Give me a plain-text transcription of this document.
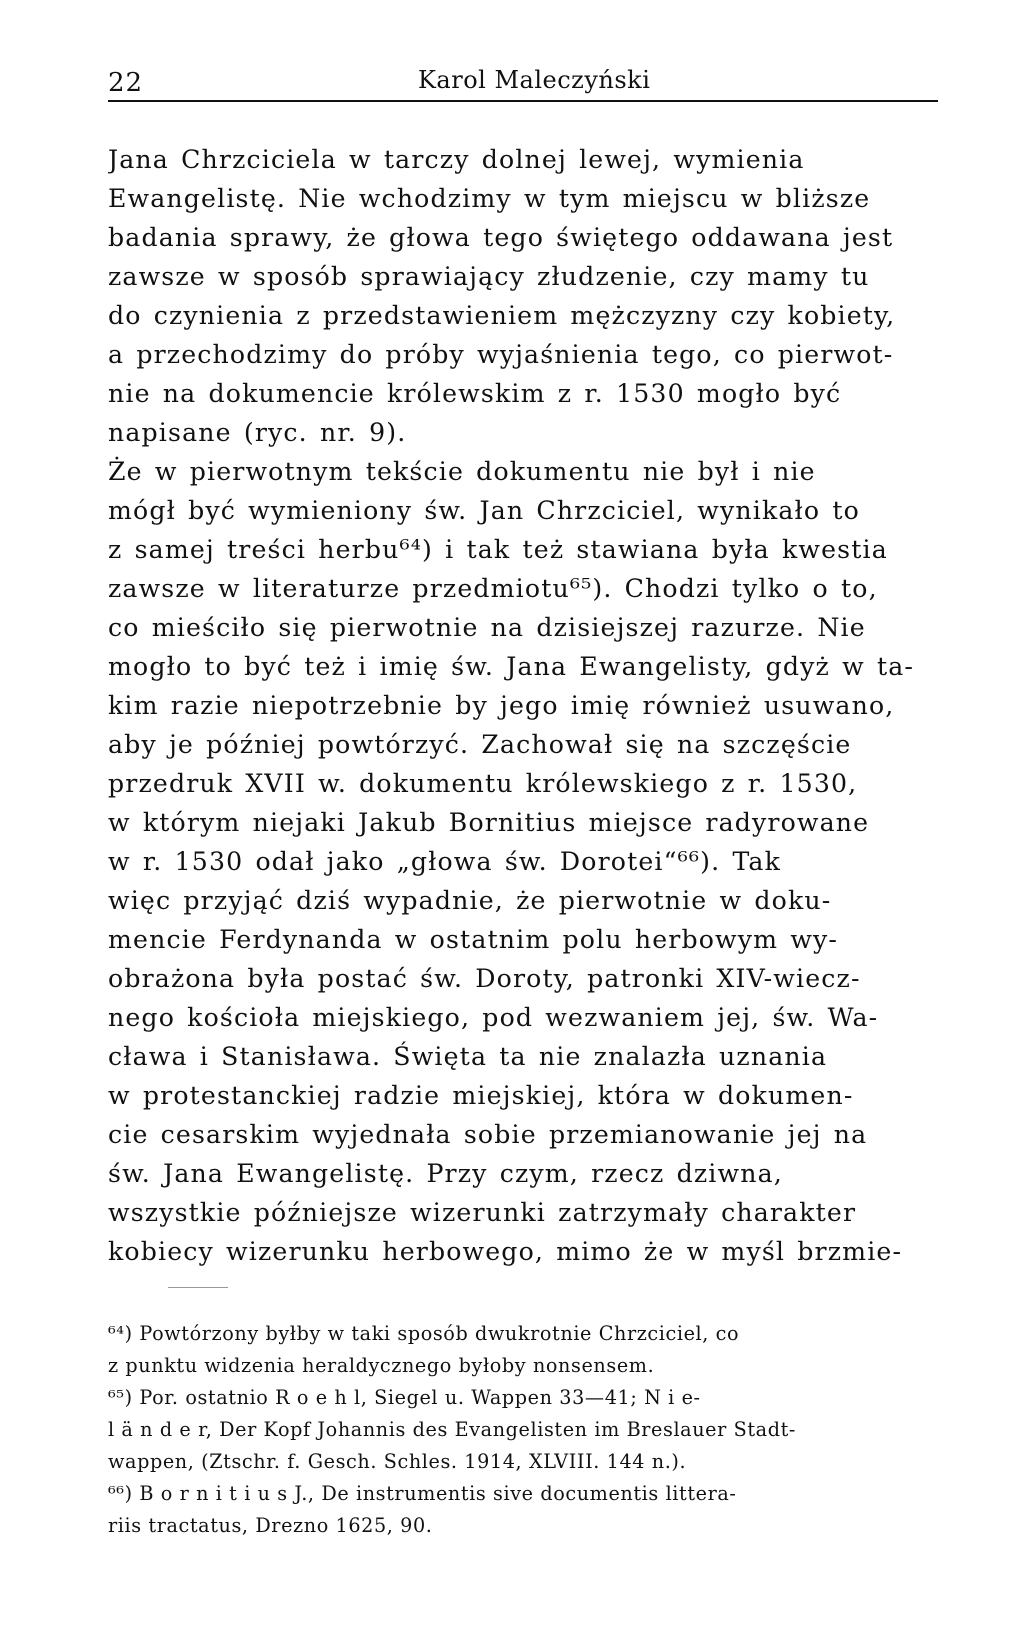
22	Karol Maleczyński
Jana Chrzciciela w tarczy dolnej lewej, wymienia
Ewangelistę. Nie wchodzimy w tym miejscu w bliższe
badania sprawy, że głowa tego świętego oddawana jest
zawsze w sposób sprawiający złudzenie, czy mamy tu
do czynienia z przedstawieniem mężczyzny czy kobiety,
a przechodzimy do próby wyjaśnienia tego, co pierwot-
nie na dokumencie królewskim z r. 1530 mogło być
napisane (ryc. nr. 9).
Że w pierwotnym tekście dokumentu nie był i nie
mógł być wymieniony św. Jan Chrzciciel, wynikało to
z samej treści herbu⁶⁴) i tak też stawiana była kwestia
zawsze w literaturze przedmiotu⁶⁵). Chodzi tylko o to,
co mieściło się pierwotnie na dzisiejszej razurze. Nie
mogło to być też i imię św. Jana Ewangelisty, gdyż w ta-
kim razie niepotrzebnie by jego imię również usuwano,
aby je później powtórzyć. Zachował się na szczęście
przedruk XVII w. dokumentu królewskiego z r. 1530,
w którym niejaki Jakub Bornitius miejsce radyrowane
w r. 1530 odał jako „głowa św. Dorotei“⁶⁶). Tak
więc przyjąć dziś wypadnie, że pierwotnie w doku-
mencie Ferdynanda w ostatnim polu herbowym wy-
obrażona była postać św. Doroty, patronki XIV-wiecz-
nego kościoła miejskiego, pod wezwaniem jej, św. Wa-
cława i Stanisława. Święta ta nie znalazła uznania
w protestanckiej radzie miejskiej, która w dokumen-
cie cesarskim wyjednała sobie przemianowanie jej na
św. Jana Ewangelistę. Przy czym, rzecz dziwna,
wszystkie późniejsze wizerunki zatrzymały charakter
kobiecy wizerunku herbowego, mimo że w myśl brzmie-
⁶⁴) Powtórzony byłby w taki sposób dwukrotnie Chrzciciel, co
z punktu widzenia heraldycznego byłoby nonsensem.
⁶⁵) Por. ostatnio R o e h l, Siegel u. Wappen 33—41; N i e-
l ä n d e r, Der Kopf Johannis des Evangelisten im Breslauer Stadt-
wappen, (Ztschr. f. Gesch. Schles. 1914, XLVIII. 144 n.).
⁶⁶) B o r n i t i u s J., De instrumentis sive documentis littera-
riis tractatus, Drezno 1625, 90.
